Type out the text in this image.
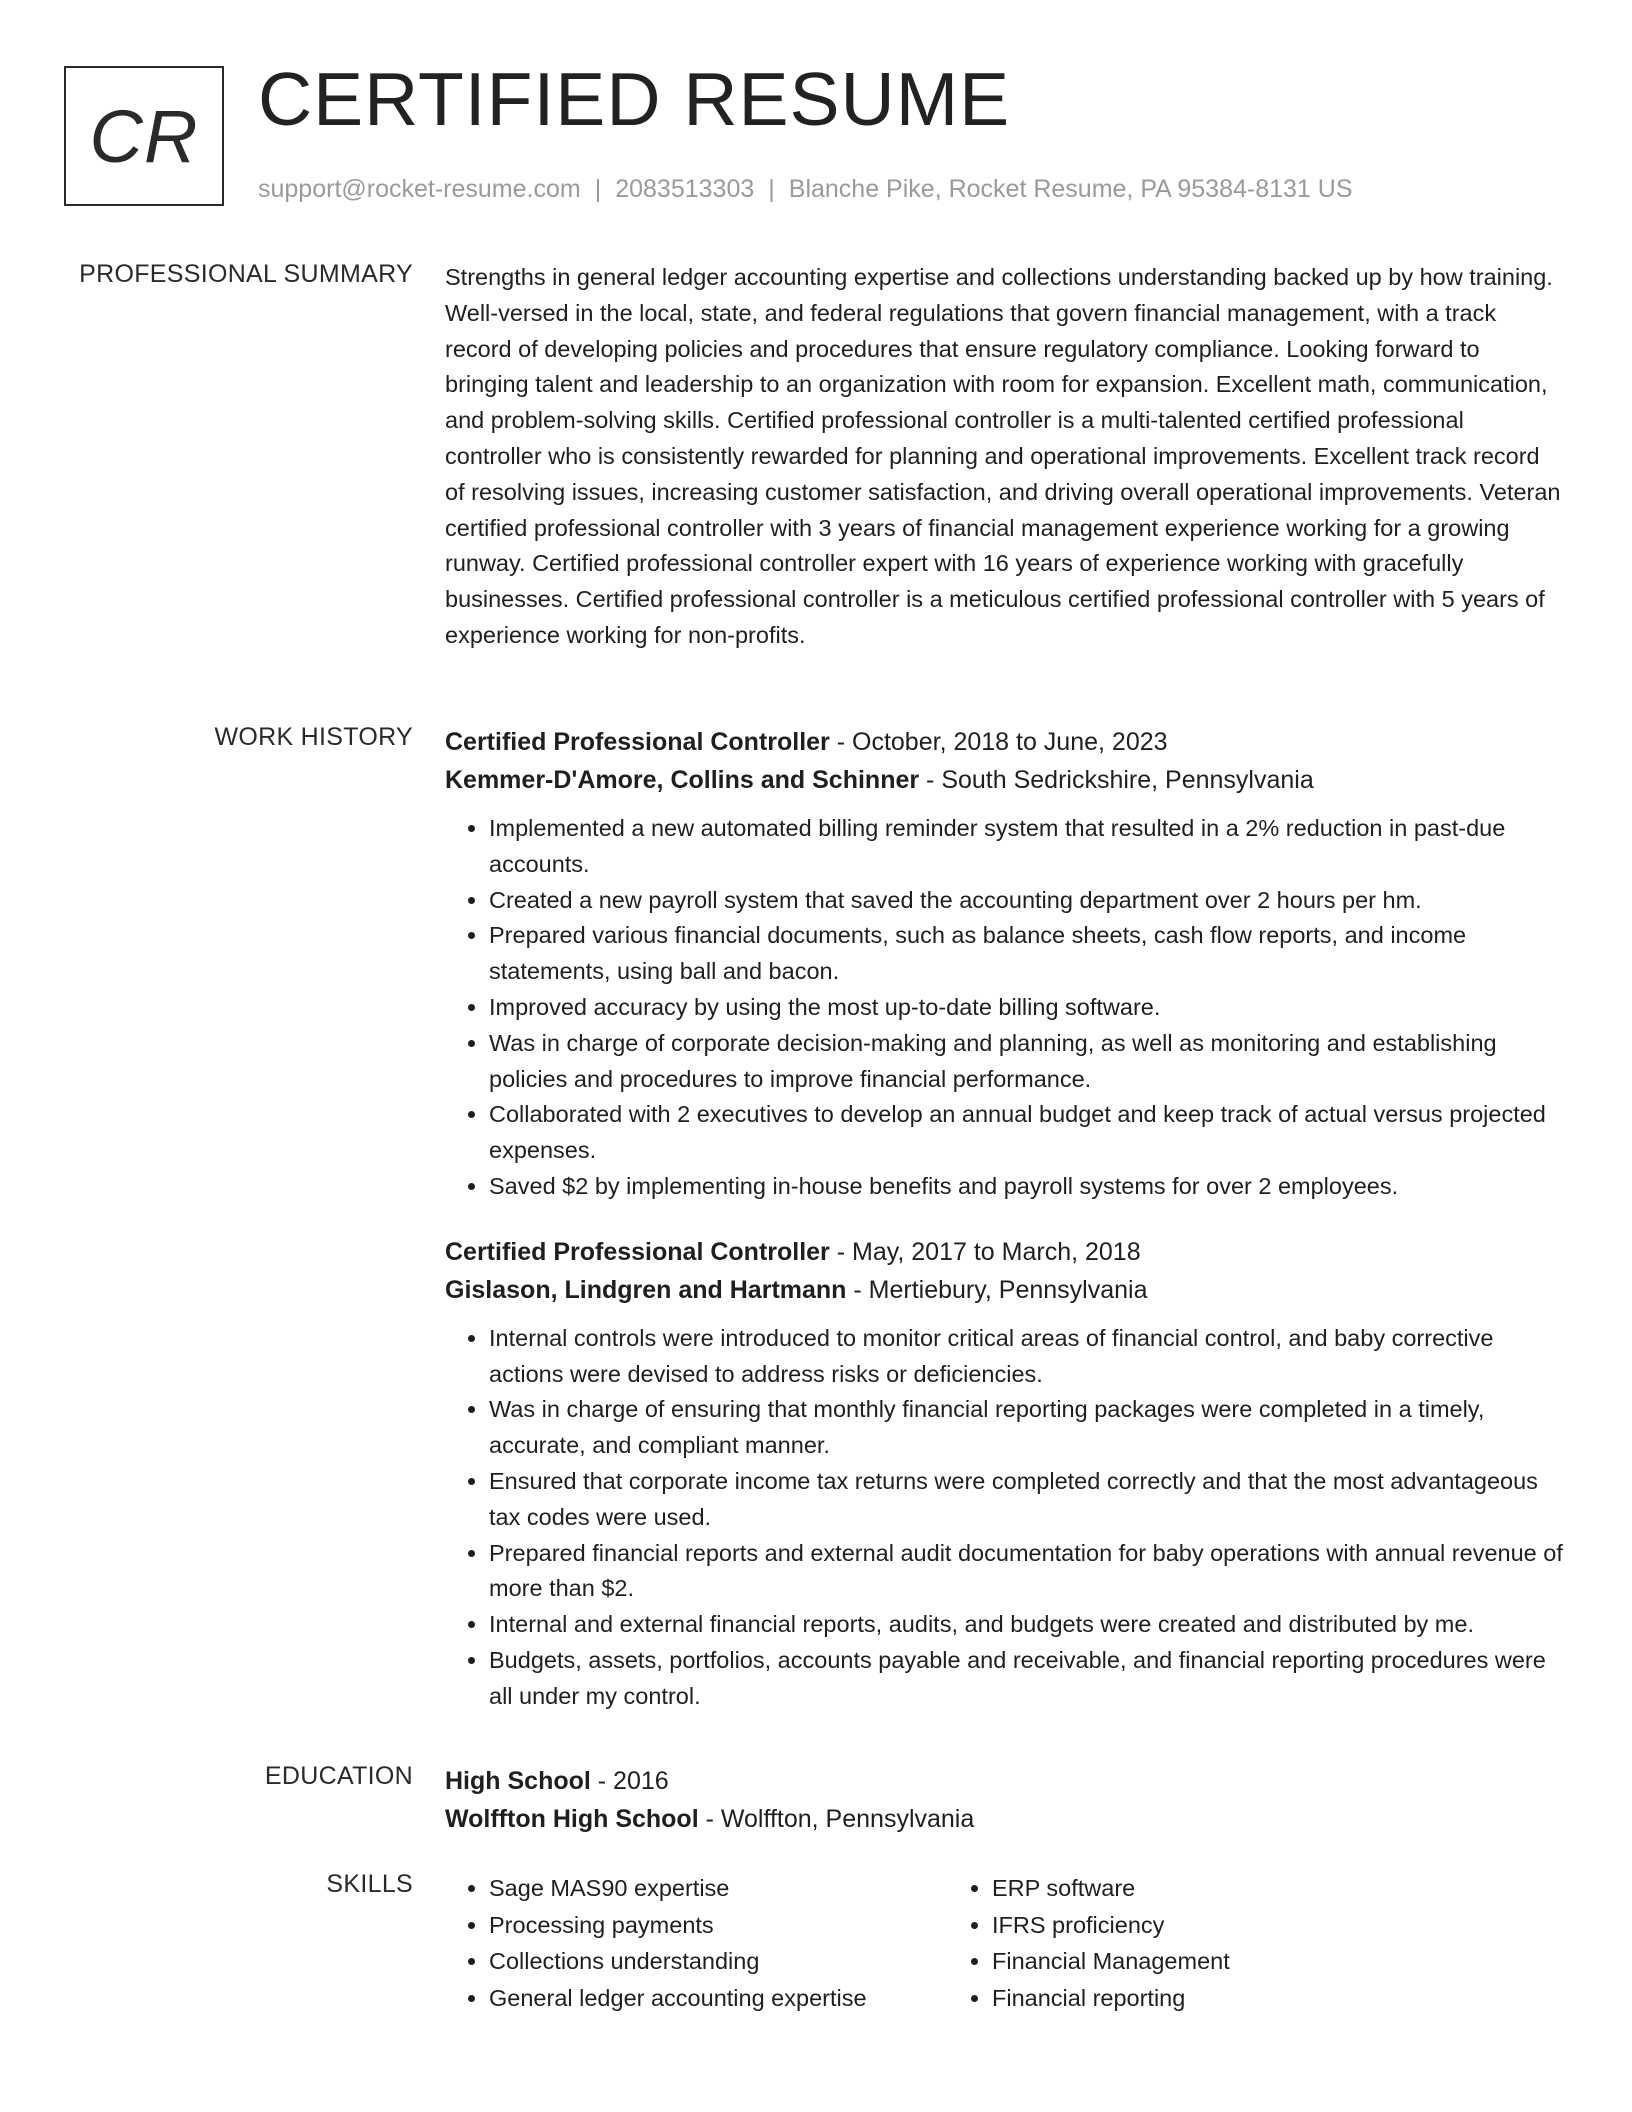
CR CERTIFIED RESUME
support@rocket-resume.com | 2083513303 | Blanche Pike, Rocket Resume, PA 95384-8131 US
PROFESSIONAL SUMMARY Strengths in general ledger accounting expertise and collections understanding backed up by how training. Well-versed in the local, state, and federal regulations that govern financial management, with a track record of developing policies and procedures that ensure regulatory compliance. Looking forward to bringing talent and leadership to an organization with room for expansion. Excellent math, communication, and problem-solving skills. Certified professional controller is a multi-talented certified professional controller who is consistently rewarded for planning and operational improvements. Excellent track record of resolving issues, increasing customer satisfaction, and driving overall operational improvements. Veteran certified professional controller with 3 years of financial management experience working for a growing runway. Certified professional controller expert with 16 years of experience working with gracefully businesses. Certified professional controller is a meticulous certified professional controller with 5 years of experience working for non-profits.

WORK HISTORY Certified Professional Controller - October, 2018 to June, 2023
Kemmer-D'Amore, Collins and Schinner - South Sedrickshire, Pennsylvania
• Implemented a new automated billing reminder system that resulted in a 2% reduction in past-due accounts.
• Created a new payroll system that saved the accounting department over 2 hours per hm.
• Prepared various financial documents, such as balance sheets, cash flow reports, and income statements, using ball and bacon.
• Improved accuracy by using the most up-to-date billing software.
• Was in charge of corporate decision-making and planning, as well as monitoring and establishing policies and procedures to improve financial performance.
• Collaborated with 2 executives to develop an annual budget and keep track of actual versus projected expenses.
• Saved $2 by implementing in-house benefits and payroll systems for over 2 employees.
Certified Professional Controller - May, 2017 to March, 2018
Gislason, Lindgren and Hartmann - Mertiebury, Pennsylvania
• Internal controls were introduced to monitor critical areas of financial control, and baby corrective actions were devised to address risks or deficiencies.
• Was in charge of ensuring that monthly financial reporting packages were completed in a timely, accurate, and compliant manner.
• Ensured that corporate income tax returns were completed correctly and that the most advantageous tax codes were used.
• Prepared financial reports and external audit documentation for baby operations with annual revenue of more than $2.
• Internal and external financial reports, audits, and budgets were created and distributed by me.
• Budgets, assets, portfolios, accounts payable and receivable, and financial reporting procedures were all under my control.
EDUCATION High School - 2016
Wolffton High School - Wolffton, Pennsylvania
SKILLS
•	Sage MAS90 expertise
• Processing payments
• Collections understanding
• General ledger accounting expertise
• ERP software
• IFRS proficiency
• Financial Management
• Financial reporting
